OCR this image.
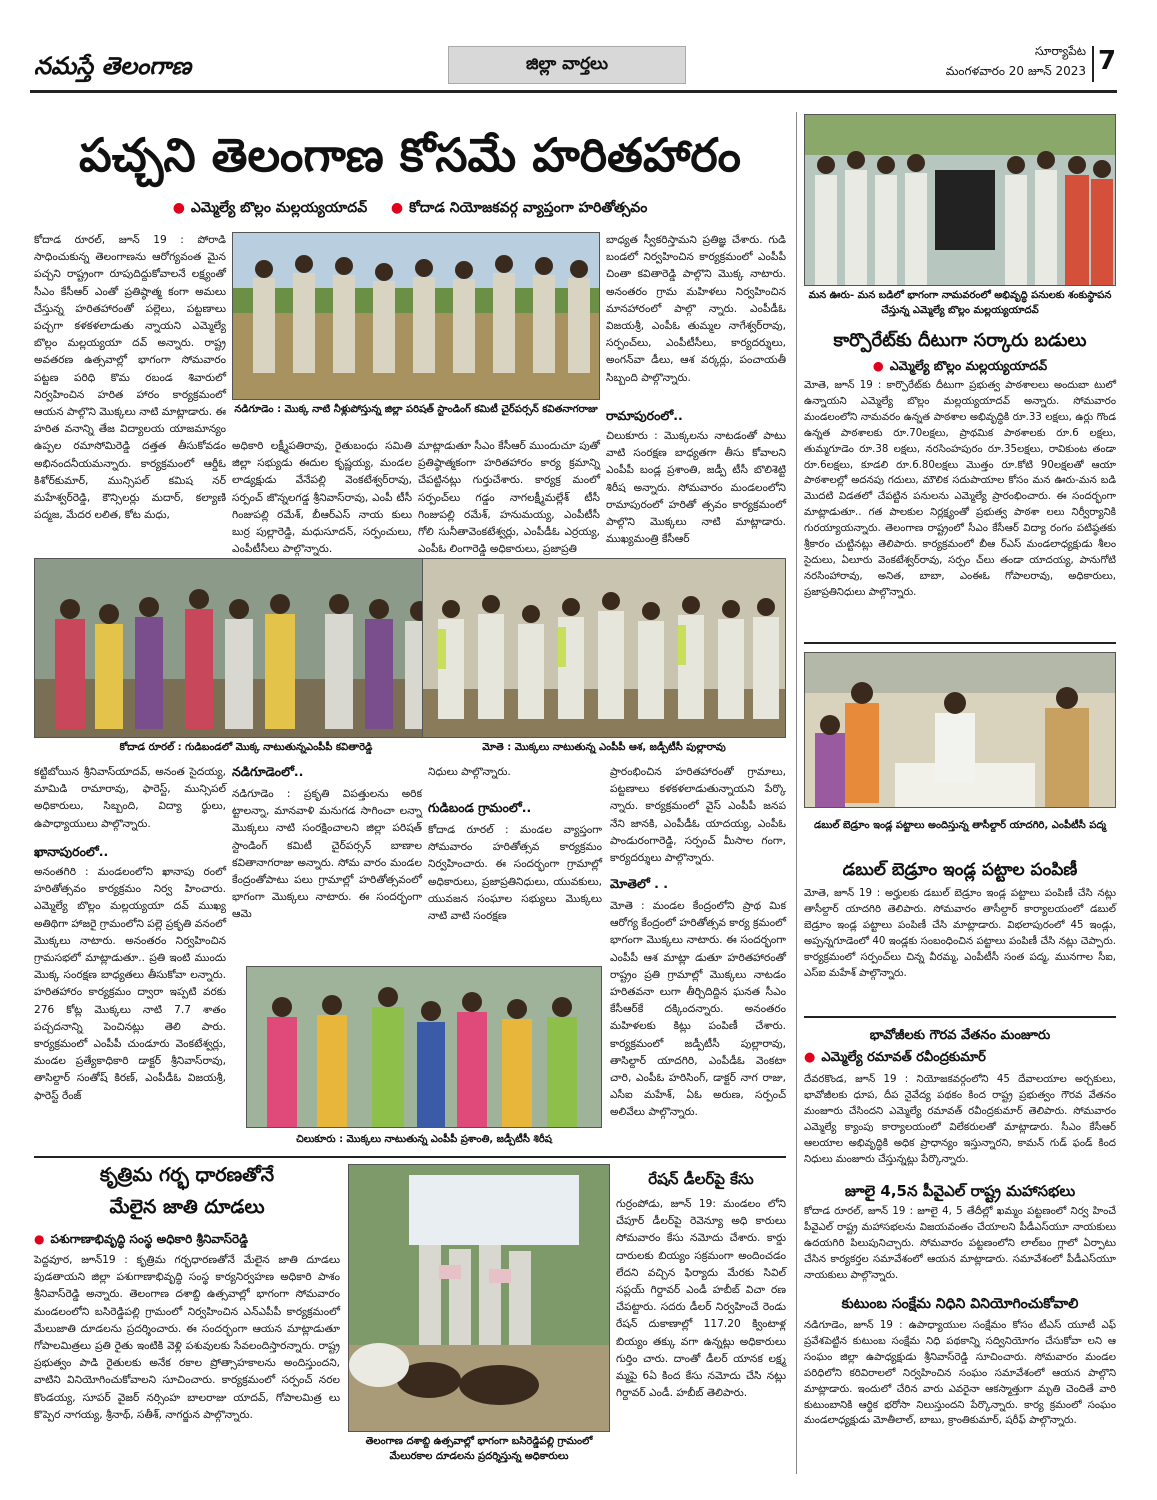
నమస్తే తెలంగాణ	జిల్లా వార్తలు
సూర్యాపేట
మంగళవారం 20 జూన్ 2023 7
పచ్చని తెలంగాణ కోసమే హరితహారం
● ఎమ్మెల్యే బొల్లం మల్లయ్యయాదవ్  ●	కోదాడ నియోజకవర్గ వ్యాప్తంగా హరితోత్సవం
కోదాడ రూరల్, జూన్ 19 : పోరాడి సాధించుకున్న తెలంగాణను ఆరోగ్యవంత మైన పచ్చని రాష్ట్రంగా రూపుదిద్దుకోవాలనే లక్ష్యంతో సీఎం కేసీఆర్ ఎంతో ప్రతిష్ఠాత్మ కంగా అమలు చేస్తున్న హరితహారంతో పల్లెలు, పట్టణాలు పచ్చగా కళకళలాడుతు న్నాయని ఎమ్మెల్యే బొల్లం మల్లయ్యయా దవ్ అన్నారు. రాష్ట్ర అవతరణ ఉత్సవాల్లో భాగంగా సోమవారం పట్టణ పరిధి కొమ రబండ శివారులో నిర్వహించిన హరిత హారం కార్యక్రమంలో ఆయన పాల్గొని మొక్కలు నాటి మాట్లాడారు. ఈ హరిత వనాన్ని తేజ విద్యాలయ యాజమాన్యం ఉప్పల రమాసోమిరెడ్డి దత్తత తీసుకోవడం అభినందనీయమన్నారు. కార్యక్రమంలో ఆర్డీఓ కిశోర్‌కుమార్, మున్సిపల్ కమిష నర్ మహేశ్వర్‌రెడ్డి, కౌన్సిలర్లు మదార్, కల్యాణి పద్మజ, మేదర లలిత, కోట మధు,
నడిగూడెం : మొక్క నాటి నీళ్లుపోస్తున్న జిల్లా పరిషత్ స్టాండింగ్ కమిటీ చైర్‌పర్సన్ కవితనాగరాజు
బాధ్యత స్వీకరిస్తామని ప్రతిజ్ఞ చేశారు. గుడి బండలో నిర్వహించిన కార్యక్రమంలో ఎంపీపీ చింతా కవితారెడ్డి పాల్గొని మొక్క నాటారు. అనంతరం గ్రామ మహిళలు నిర్వహించిన మానహారంలో పాల్గొ న్నారు. ఎంపీడీఓ విజయశ్రీ, ఎంపీఓ తుమ్మల నాగేశ్వర్‌రావు, సర్పంచ్‌లు, ఎంపీటీసీలు, కార్యదర్శులు, అంగన్‌వా డీలు, ఆశ వర్కర్లు, పంచాయతీ సిబ్బంది పాల్గొన్నారు.
రామాపురంలో..
చిలుకూరు : మొక్కలను నాటడంతో పాటు వాటి సంరక్షణ బాధ్యతగా తీసు కోవాలని ఎంపీపీ బండ్ల ప్రశాంతి, జడ్పీ టీసీ బొలిశెట్టి శిరీష అన్నారు. సోమవారం మండలంలోని రామాపురంలో హరితో త్సవం కార్యక్రమంలో పాల్గొని మొక్కలు నాటి మాట్లాడారు. ముఖ్యమంత్రి కేసీఆర్
అధికారి లక్ష్మీపతిరావు, రైతుబంధు సమితి జిల్లా సభ్యుడు ఈదుల కృష్ణయ్య, మండల లాడ్యక్షుడు వేనేపల్లి వెంకటేశ్వర్‌రావు, సర్పంచ్ జొన్నలగడ్డ శ్రీనివాస్‌రావు, ఎంపీ టీసీ గింజుపల్లి రమేశ్, బీఆర్‌ఎస్ నాయ కులు బుర్ర పుల్లారెడ్డి, మధుసూదన్, సర్పంచులు, ఎంపీటీసీలు పాల్గొన్నారు.
మాట్లాడుతూ సీఎం కేసీఆర్ ముందుచూ పుతో ప్రతిష్ఠాత్మకంగా హరితహారం కార్య క్రమాన్ని చేపట్టినట్లు గుర్తుచేశారు. కార్యక్ర మంలో సర్పంచ్‌లు గడ్డం నాగలక్ష్మీమల్లేశ్ టీసీ గింజుపల్లి రమేశ్, హనుమయ్య, ఎంపీటీసీ గోలి సునీతావెంకటేశ్వర్లు, ఎంపీడీఓ ఎర్రయ్య, ఎంపీఓ లింగారెడ్డి అధికారులు, ప్రజాప్రతి
కోదాడ రూరల్ : గుడిబండలో మొక్క నాటుతున్నఎంపీపీ కవితారెడ్డి	మోతె : మొక్కలు నాటుతున్న ఎంపీపీ ఆశ, జడ్పీటీసీ పుల్లారావు
కట్టిబోయిన శ్రీనివాస్‌యాదవ్, అనంత సైదయ్య, మామిడి రామారావు, ఫారెస్ట్, మున్సిపల్ అధికారులు, సిబ్బంది, విద్యా ర్థులు, ఉపాధ్యాయులు పాల్గొన్నారు.
ఖానాపురంలో..
అనంతగిరి : మండలంలోని ఖానాపు రంలో హరితోత్సవం కార్యక్రమం నిర్వ హించారు. ఎమ్మెల్యే బొల్లం మల్లయ్యయా దవ్ ముఖ్య అతిథిగా హాజరై గ్రామంలోని పల్లె ప్రకృతి వనంలో మొక్కలు నాటారు. అనంతరం నిర్వహించిన గ్రామసభలో మాట్లాడుతూ.. ప్రతి ఇంటి ముందు మొక్క సంరక్షణ బాధ్యతలు తీసుకోవా లన్నారు. హరితహారం కార్యక్రమం ద్వారా ఇప్పటి వరకు 276 కోట్ల మొక్కలు నాటి 7.7 శాతం పచ్చదనాన్ని పెంచినట్లు తెలి పారు. కార్యక్రమంలో ఎంపీపీ చుండూరు వెంకటేశ్వర్లు, మండల ప్రత్యేకాధికారి డాక్టర్ శ్రీనివాస్‌రావు, తాసిల్దార్ సంతోష్ కిరణ్, ఎంపీడీఓ విజయశ్రీ, ఫారెస్ట్ రేంజ్
నడిగూడెంలో..
నడిగూడెం : ప్రకృతి విపత్తులను అరిక ట్టాలన్నా, మానవాళి మనుగడ సాగించా లన్నా మొక్కలు నాటి సంరక్షించాలని జిల్లా పరిషత్ స్టాండింగ్ కమిటీ చైర్‌పర్సన్ బాణాల కవితానాగరాజు అన్నారు. సోమ వారం మండల కేంద్రంతోపాటు పలు గ్రామాల్లో హరితోత్సవంలో భాగంగా మొక్కలు నాటారు. ఈ సందర్భంగా ఆమె
నిధులు పాల్గొన్నారు.
గుడిబండ గ్రామంలో..
కోదాడ రూరల్ : మండల వ్యాప్తంగా సోమవారం హరితోత్సవ కార్యక్రమం నిర్వహించారు. ఈ సందర్భంగా గ్రామాల్లో అధికారులు, ప్రజాప్రతినిధులు, యువకులు, యువజన సంఘాల సభ్యులు మొక్కలు నాటి వాటి సంరక్షణ
ప్రారంభించిన హరితహారంతో గ్రామాలు, పట్టణాలు కళకళలాడుతున్నాయని పేర్కొ న్నారు. కార్యక్రమంలో వైస్ ఎంపీపీ జనప నేని జానకి, ఎంపీడీఓ యాదయ్య, ఎంపీఓ పాండురంగారెడ్డి, సర్పంచ్ మీసాల గంగా, కార్యదర్శులు పాల్గొన్నారు.
మోతెలో . .
మోతె : మండల కేంద్రంలోని ప్రాథ మిక ఆరోగ్య కేంద్రంలో హరితోత్సవ కార్య క్రమంలో భాగంగా మొక్కలు నాటారు. ఈ సందర్భంగా ఎంపీపీ ఆశ మాట్లా డుతూ హరితహారంతో రాష్ట్రం ప్రతి గ్రామాల్లో మొక్కలు నాటడం హరితవనా లుగా తీర్చిదిద్దిన ఘనత సీఎం కేసీఆర్‌కే దక్కిందన్నారు. అనంతరం మహిళలకు కిట్లు పంపిణీ చేశారు. కార్యక్రమంలో జడ్పీటీసీ పుల్లారావు, తాసిల్దార్ యాదగిరి, ఎంపీడీఓ వెంకటా చారి, ఎంపీఓ హరిసింగ్, డాక్టర్ నాగ రాజు, ఎసీఐ మహేశ్, ఏఓ అరుణ, సర్పంచ్ అలివేలు పాల్గొన్నారు.
చిలుకూరు : మొక్కలు నాటుతున్న ఎంపీపీ ప్రశాంతి, జడ్పీటీసీ శిరీష
కృత్రిమ గర్భ ధారణతోనే
మేలైన జాతి దూడలు
● పశుగాణాభివృద్ధి సంస్థ అధికారి శ్రీనివాస్‌రెడ్డి
పెద్దవూర, జూన్19 : కృత్రిమ గర్భధారణతోనే మేలైన జాతి దూడలు పుడతాయని జిల్లా పశుగాణాభివృద్ధి సంస్థ కార్యనిర్వహణ అధికారి పాశం శ్రీనివాస్‌రెడ్డి అన్నారు. తెలంగాణ దశాబ్ది ఉత్సవాల్లో భాగంగా సోమవారం మండలంలోని బసిరెడ్డిపల్లి గ్రామంలో నిర్వహించిన ఎన్‌ఎపీపీ కార్యక్రమంలో మేలుజాతి దూడలను ప్రదర్శించారు. ఈ సందర్భంగా ఆయన మాట్లాడుతూ గోపాలమిత్రలు ప్రతి రైతు ఇంటికి వెళ్లి పశువులకు సేవలందిస్తారన్నారు. రాష్ట్ర ప్రభుత్వం పాడి రైతులకు అనేక రకాల ప్రోత్సాహకాలను అందిస్తుందని, వాటిని వినియోగించుకోవాలని సూచించారు. కార్యక్రమంలో సర్పంచ్ నరల కొండయ్య, సూపర్ వైజర్ నర్సింహ బాలరాజు యాదవ్, గోపాలమిత్ర లు కొప్పెర నాగయ్య, శ్రీనాథ్, సతీశ్, నాగర్జున పాల్గొన్నారు.
తెలంగాణ దశాబ్ది ఉత్సవాల్లో భాగంగా బసిరెడ్డిపల్లి గ్రామంలో మేలురకాల దూడలను ప్రదర్శిస్తున్న అధికారులు
రేషన్ డీలర్‌పై కేసు
గుర్రంపోడు, జూన్ 19: మండలం లోని చేపూర్ డీలర్‌పై రెవెన్యూ అధి కారులు సోమవారం కేసు నమోదు చేశారు. కార్డు దారులకు బియ్యం సక్రమంగా అందించడం లేదని వచ్చిన ఫిర్యాదు మేరకు సివిల్ సప్లయ్ గిర్దావర్ ఎండీ హబీబ్ విచా రణ చేపట్టారు. సదరు డీలర్ నిర్వహించే రెండు రేషన్ దుకాణాల్లో 117.20 క్వింటాళ్ల బియ్యం తక్కు వగా ఉన్నట్లు అధికారులు గుర్తిం చారు. దాంతో డీలర్ యానక లక్ష్మ మ్మపై 6ఏ కింద కేసు నమోదు చేసి నట్లు గిర్దావర్ ఎండీ. హబీబ్ తెలిపారు.
మన ఊరు- మన బడిలో భాగంగా నామవరంలో అభివృద్ధి పనులకు శంకుస్థాపన చేస్తున్న ఎమ్మెల్యే బొల్లం మల్లయ్యయాదవ్
కార్పొరేట్‌కు దీటుగా సర్కారు బడులు
● ఎమ్మెల్యే బొల్లం మల్లయ్యయాదవ్
మోతె, జూన్ 19 : కార్పొరేట్‌కు దీటుగా ప్రభుత్వ పాఠశాలలు అందుబా టులో ఉన్నాయని ఎమ్మెల్యే బొల్లం మల్లయ్యయాదవ్ అన్నారు. సోమవారం మండలంలోని నామవరం ఉన్నత పాఠశాల అభివృద్ధికి రూ.33 లక్షలు, ఉర్లు గొండ ఉన్నత పాఠశాలకు రూ.70లక్షలు, ప్రాథమిక పాఠశాలకు రూ.6 లక్షలు, తుమ్మగూడెం రూ.38 లక్షలు, నరసింహపురం రూ.35లక్షలు, రావికుంట తండా రూ.6లక్షలు, కూడలి రూ.6.80లక్షలు మొత్తం రూ.కోటి 90లక్షలతో ఆయా పాఠశాలల్లో అదనపు గదులు, మౌలిక సదుపాయాల కోసం మన ఊరు-మన బడి మొదటి విడతలో చేపట్టిన పనులను ఎమ్మెల్యే ప్రారంభించారు. ఈ సందర్భంగా మాట్లాడుతూ.. గత పాలకుల నిర్లక్ష్యంతో ప్రభుత్వ పాఠశా లలు నిర్వీర్యానికి గురయ్యాయన్నారు. తెలంగాణ రాష్ట్రంలో సీఎం కేసీఆర్ విద్యా రంగం పటిష్ఠతకు శ్రీకారం చుట్టినట్లు తెలిపారు. కార్యక్రమంలో బీఆ ర్‌ఎస్ మండలాధ్యక్షుడు శీలం సైదులు, ఏలూరు వెంకటేశ్వర్‌రావు, సర్పం చ్‌లు తండా యాదయ్య, పానుగోటి నరసింహారావు, అనిత, బాబా, ఎంఈఓ గోపాలరావు, అధికారులు, ప్రజాప్రతినిధులు పాల్గొన్నారు.
డబుల్ బెడ్రూం ఇండ్ల పట్టాలు అందిస్తున్న తాసీల్దార్ యాదగిరి, ఎంపీటీసీ పద్మ
డబుల్ బెడ్రూం ఇండ్ల పట్టాల పంపిణీ
మోతె, జూన్ 19 : అర్హులకు డబుల్ బెడ్రూం ఇండ్ల పట్టాలు పంపిణీ చేసి నట్లు తాసీల్దార్ యాదగిరి తెలిపారు. సోమవారం తాసీల్దార్ కార్యాలయంలో డబుల్ బెడ్రూం ఇండ్ల పట్టాలు పంపిణీ చేసి మాట్లాడారు. విభలాపురంలో 45 ఇండ్లు, అప్పన్నగూడెంలో 40 ఇండ్లకు సంబంధించిన పట్టాలు పంపిణీ చేసి నట్లు చెప్పారు. కార్యక్రమంలో సర్పంచ్‌లు చిన్న వీరమ్మ, ఎంపీటీసీ సంత పద్మ, మునగాల సీఐ, ఎస్ఐ మహేశ్ పాల్గొన్నారు.
భావోజీలకు గౌరవ వేతనం మంజూరు
● ఎమ్మెల్యే రమావత్ రవీంద్రకుమార్
దేవరకొండ, జూన్ 19 : నియోజకవర్గంలోని 45 దేవాలయాల అర్చకులు, భావోజీలకు ధూప, దీప నైవేద్య పథకం కింద రాష్ట్ర ప్రభుత్వం గౌరవ వేతనం మంజూరు చేసిందని ఎమ్మెల్యే రమావత్ రవీంద్రకుమార్ తెలిపారు. సోమవారం ఎమ్మెల్యే క్యాంపు కార్యాలయంలో విలేకరులతో మాట్లాడారు. సీఎం కేసీఆర్ ఆలయాల అభివృద్ధికి అధిక ప్రాధాన్యం ఇస్తున్నారని, కామన్ గుడ్ ఫండ్ కింద నిధులు మంజూరు చేస్తున్నట్లు పేర్కొన్నారు.
జూలై 4,5న పీవైఎల్ రాష్ట్ర మహాసభలు
కోదాడ రూరల్, జూన్ 19 : జూలై 4, 5 తేదీల్లో ఖమ్మం పట్టణంలో నిర్వ హించే పీవైఎల్ రాష్ట్ర మహాసభలను విజయవంతం చేయాలని పీడీఎస్‌యూ నాయకులు ఉదయగిరి పిలుపునిచ్చారు. సోమవారం పట్టణంలోని లాల్‌బం గ్లాలో ఏర్పాటు చేసిన కార్యకర్తల సమావేశంలో ఆయన మాట్లాడారు. సమావేశంలో పీడీఎస్‌యూ నాయకులు పాల్గొన్నారు.
కుటుంబ సంక్షేమ నిధిని వినియోగించుకోవాలి
నడిగూడెం, జూన్ 19 : ఉపాధ్యాయుల సంక్షేమం కోసం టీఎస్ యూటీ ఎఫ్ ప్రవేశపెట్టిన కుటుంబ సంక్షేమ నిధి పథకాన్ని సద్వినియోగం చేసుకోవా లని ఆ సంఘం జిల్లా ఉపాధ్యక్షుడు శ్రీనివాస్‌రెడ్డి సూచించారు. సోమవారం మండల పరిధిలోని కరివిరాలలో నిర్వహించిన సంఘం సమావేశంలో ఆయన పాల్గొని మాట్లాడారు. ఇందులో చేరిన వారు ఎవరైనా ఆకస్మాత్తుగా మృతి చెందితే వారి కుటుంబానికి ఆర్థిక భరోసా నిలుస్తుందని పేర్కొన్నారు. కార్య క్రమంలో సంఘం మండలాధ్యక్షుడు మోతీలాల్, బాబు, క్రాంతికుమార్, షరీఫ్ పాల్గొన్నారు.
